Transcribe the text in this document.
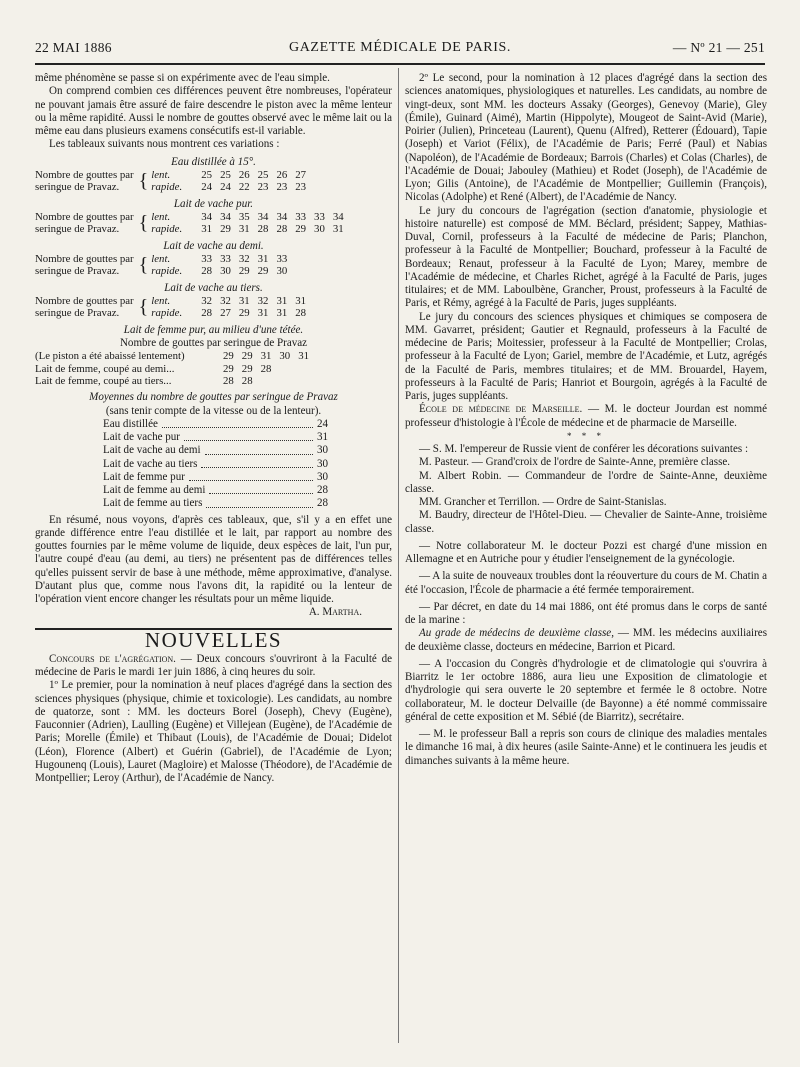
22 MAI 1886	GAZETTE MÉDICALE DE PARIS.	— Nº 21 — 251

même phénomène se passe si on expérimente avec de l'eau simple.

On comprend combien ces différences peuvent être nombreuses, l'opérateur ne pouvant jamais être assuré de faire descendre le piston avec la même lenteur ou la même rapidité. Aussi le nombre de gouttes observé avec le même lait ou la même eau dans plusieurs examens consécutifs est-il variable.

Les tableaux suivants nous montrent ces variations :

Eau distillée à 15°.

Nombre de gouttes par	{	lent.	25	25	26	25	26	27
seringue de Pravaz.		rapide.	24	24	22	23	23	23

Lait de vache pur.

Nombre de gouttes par	{	lent.	34	34	35	34	34	33	33	34
seringue de Pravaz.		rapide.	31	29	31	28	28	29	30	31

Lait de vache au demi.

Nombre de gouttes par	{	lent.	33	33	32	31	33
seringue de Pravaz.		rapide.	28	30	29	29	30

Lait de vache au tiers.

Nombre de gouttes par	{	lent.	32	32	31	32	31	31
seringue de Pravaz.		rapide.	28	27	29	31	31	28

Lait de femme pur, au milieu d'une tétée.

Nombre de gouttes par seringue de Pravaz

(Le piston a été abaissé lentement)	29	29	31	30	31
Lait de femme, coupé au demi...	29	29	28		
Lait de femme, coupé au tiers...	28	28			

Moyennes du nombre de gouttes par seringue de Pravaz

(sans tenir compte de la vitesse ou de la lenteur).

Eau distillée	24
Lait de vache pur	31
Lait de vache au demi	30
Lait de vache au tiers	30
Lait de femme pur	30
Lait de femme au demi	28
Lait de femme au tiers	28

En résumé, nous voyons, d'après ces tableaux, que, s'il y a en effet une grande différence entre l'eau distillée et le lait, par rapport au nombre des gouttes fournies par le même volume de liquide, deux espèces de lait, l'un pur, l'autre coupé d'eau (au demi, au tiers) ne présentent pas de différences telles qu'elles puissent servir de base à une méthode, même approximative, d'analyse. D'autant plus que, comme nous l'avons dit, la rapidité ou la lenteur de l'opération vient encore changer les résultats pour un même liquide.

A. Martha.

NOUVELLES

Concours de l'agrégation. — Deux concours s'ouvriront à la Faculté de médecine de Paris le mardi 1er juin 1886, à cinq heures du soir.

1º Le premier, pour la nomination à neuf places d'agrégé dans la section des sciences physiques (physique, chimie et toxicologie). Les candidats, au nombre de quatorze, sont : MM. les docteurs Borel (Joseph), Chevy (Eugène), Fauconnier (Adrien), Laulling (Eugène) et Villejean (Eugène), de l'Académie de Paris; Morelle (Émile) et Thibaut (Louis), de l'Académie de Douai; Didelot (Léon), Florence (Albert) et Guérin (Gabriel), de l'Académie de Lyon; Hugounenq (Louis), Lauret (Magloire) et Malosse (Théodore), de l'Académie de Montpellier; Leroy (Arthur), de l'Académie de Nancy.

2º Le second, pour la nomination à 12 places d'agrégé dans la section des sciences anatomiques, physiologiques et naturelles. Les candidats, au nombre de vingt-deux, sont MM. les docteurs Assaky (Georges), Genevoy (Marie), Gley (Émile), Guinard (Aimé), Martin (Hippolyte), Mougeot de Saint-Avid (Marie), Poirier (Julien), Princeteau (Laurent), Quenu (Alfred), Retterer (Édouard), Tapie (Joseph) et Variot (Félix), de l'Académie de Paris; Ferré (Paul) et Nabias (Napoléon), de l'Académie de Bordeaux; Barrois (Charles) et Colas (Charles), de l'Académie de Douai; Jabouley (Mathieu) et Rodet (Joseph), de l'Académie de Lyon; Gilis (Antoine), de l'Académie de Montpellier; Guillemin (François), Nicolas (Adolphe) et René (Albert), de l'Académie de Nancy.

Le jury du concours de l'agrégation (section d'anatomie, physiologie et histoire naturelle) est composé de MM. Béclard, président; Sappey, Mathias-Duval, Cornil, professeurs à la Faculté de médecine de Paris; Planchon, professeur à la Faculté de Montpellier; Bouchard, professeur à la Faculté de Bordeaux; Renaut, professeur à la Faculté de Lyon; Marey, membre de l'Académie de médecine, et Charles Richet, agrégé à la Faculté de Paris, juges titulaires; et de MM. Laboulbène, Grancher, Proust, professeurs à la Faculté de Paris, et Rémy, agrégé à la Faculté de Paris, juges suppléants.

Le jury du concours des sciences physiques et chimiques se composera de MM. Gavarret, président; Gautier et Regnauld, professeurs à la Faculté de médecine de Paris; Moitessier, professeur à la Faculté de Montpellier; Crolas, professeur à la Faculté de Lyon; Gariel, membre de l'Académie, et Lutz, agrégés de la Faculté de Paris, membres titulaires; et de MM. Brouardel, Hayem, professeurs à la Faculté de Paris; Hanriot et Bourgoin, agrégés à la Faculté de Paris, juges suppléants.

École de médecine de Marseille. — M. le docteur Jourdan est nommé professeur d'histologie à l'École de médecine et de pharmacie de Marseille.

* * *

— S. M. l'empereur de Russie vient de conférer les décorations suivantes :

M. Pasteur. — Grand'croix de l'ordre de Sainte-Anne, première classe.

M. Albert Robin. — Commandeur de l'ordre de Sainte-Anne, deuxième classe.

MM. Grancher et Terrillon. — Ordre de Saint-Stanislas.

M. Baudry, directeur de l'Hôtel-Dieu. — Chevalier de Sainte-Anne, troisième classe.

— Notre collaborateur M. le docteur Pozzi est chargé d'une mission en Allemagne et en Autriche pour y étudier l'enseignement de la gynécologie.

— A la suite de nouveaux troubles dont la réouverture du cours de M. Chatin a été l'occasion, l'École de pharmacie a été fermée temporairement.

— Par décret, en date du 14 mai 1886, ont été promus dans le corps de santé de la marine :

Au grade de médecins de deuxième classe, — MM. les médecins auxiliaires de deuxième classe, docteurs en médecine, Barrion et Picard.

— A l'occasion du Congrès d'hydrologie et de climatologie qui s'ouvrira à Biarritz le 1er octobre 1886, aura lieu une Exposition de climatologie et d'hydrologie qui sera ouverte le 20 septembre et fermée le 8 octobre. Notre collaborateur, M. le docteur Delvaille (de Bayonne) a été nommé commissaire général de cette exposition et M. Sébié (de Biarritz), secrétaire.

— M. le professeur Ball a repris son cours de clinique des maladies mentales le dimanche 16 mai, à dix heures (asile Sainte-Anne) et le continuera les jeudis et dimanches suivants à la même heure.
